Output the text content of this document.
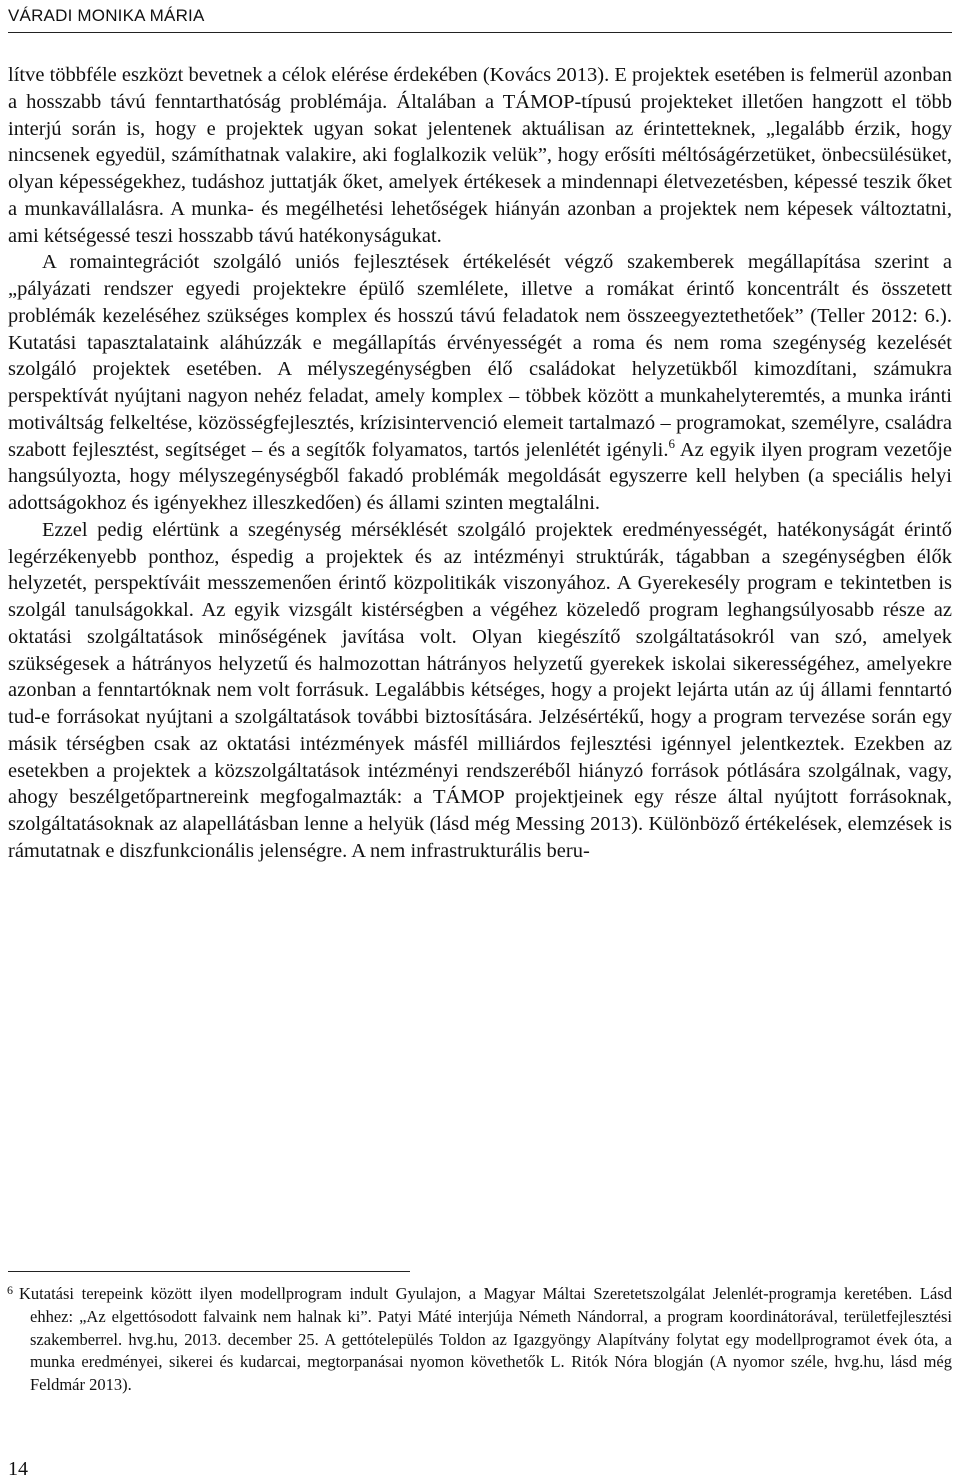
VÁRADI MONIKA MÁRIA

lítve többféle eszközt bevetnek a célok elérése érdekében (Kovács 2013). E projektek esetében is felmerül azonban a hosszabb távú fenntarthatóság problémája. Általában a TÁMOP-típusú projekteket illetően hangzott el több interjú során is, hogy e projektek ugyan sokat jelentenek aktuálisan az érintetteknek, „legalább érzik, hogy nincsenek egyedül, számíthatnak valakire, aki foglalkozik velük”, hogy erősíti méltóságérzetüket, önbecsülésüket, olyan képességekhez, tudáshoz juttatják őket, amelyek értékesek a mindennapi életvezetésben, képessé teszik őket a munkavállalásra. A munka- és megélhetési lehetőségek hiányán azonban a projektek nem képesek változtatni, ami kétségessé teszi hosszabb távú hatékonyságukat.

A romaintegrációt szolgáló uniós fejlesztések értékelését végző szakemberek megállapítása szerint a „pályázati rendszer egyedi projektekre épülő szemlélete, illetve a romákat érintő koncentrált és összetett problémák kezeléséhez szükséges komplex és hosszú távú feladatok nem összeegyeztethetőek” (Teller 2012: 6.). Kutatási tapasztalataink aláhúzzák e megállapítás érvényességét a roma és nem roma szegénység kezelését szolgáló projektek esetében. A mélyszegénységben élő családokat helyzetükből kimozdítani, számukra perspektívát nyújtani nagyon nehéz feladat, amely komplex – többek között a munkahelyteremtés, a munka iránti motiváltság felkeltése, közösségfejlesztés, krízisintervenció elemeit tartalmazó – programokat, személyre, családra szabott fejlesztést, segítséget – és a segítők folyamatos, tartós jelenlétét igényli.$^6$ Az egyik ilyen program vezetője hangsúlyozta, hogy mélyszegénységből fakadó problémák megoldását egyszerre kell helyben (a speciális helyi adottságokhoz és igényekhez illeszkedően) és állami szinten megtalálni.

Ezzel pedig elértünk a szegénység mérséklését szolgáló projektek eredményességét, hatékonyságát érintő legérzékenyebb ponthoz, éspedig a projektek és az intézményi struktúrák, tágabban a szegénységben élők helyzetét, perspektíváit messzemenően érintő közpolitikák viszonyához. A Gyerekesély program e tekintetben is szolgál tanulságokkal. Az egyik vizsgált kistérségben a végéhez közeledő program leghangsúlyosabb része az oktatási szolgáltatások minőségének javítása volt. Olyan kiegészítő szolgáltatásokról van szó, amelyek szükségesek a hátrányos helyzetű és halmozottan hátrányos helyzetű gyerekek iskolai sikerességéhez, amelyekre azonban a fenntartóknak nem volt forrásuk. Legalábbis kétséges, hogy a projekt lejárta után az új állami fenntartó tud-e forrásokat nyújtani a szolgáltatások további biztosítására. Jelzésértékű, hogy a program tervezése során egy másik térségben csak az oktatási intézmények másfél milliárdos fejlesztési igénnyel jelentkeztek. Ezekben az esetekben a projektek a közszolgáltatások intézményi rendszeréből hiányzó források pótlására szolgálnak, vagy, ahogy beszélgetőpartnereink megfogalmazták: a TÁMOP projektjeinek egy része által nyújtott forrásoknak, szolgáltatásoknak az alapellátásban lenne a helyük (lásd még Messing 2013). Különböző értékelések, elemzések is rámutatnak e diszfunkcionális jelenségre. A nem infrastrukturális beru-

$^6$ Kutatási terepeink között ilyen modellprogram indult Gyulajon, a Magyar Máltai Szeretetszolgálat Jelenlét-programja keretében. Lásd ehhez: „Az elgettósodott falvaink nem halnak ki”. Patyi Máté interjúja Németh Nándorral, a program koordinátorával, területfejlesztési szakemberrel. hvg.hu, 2013. december 25. A gettótelepülés Toldon az Igazgyöngy Alapítvány folytat egy modellprogramot évek óta, a munka eredményei, sikerei és kudarcai, megtorpanásai nyomon követhetők L. Ritók Nóra blogján (A nyomor széle, hvg.hu, lásd még Feldmár 2013).
14
